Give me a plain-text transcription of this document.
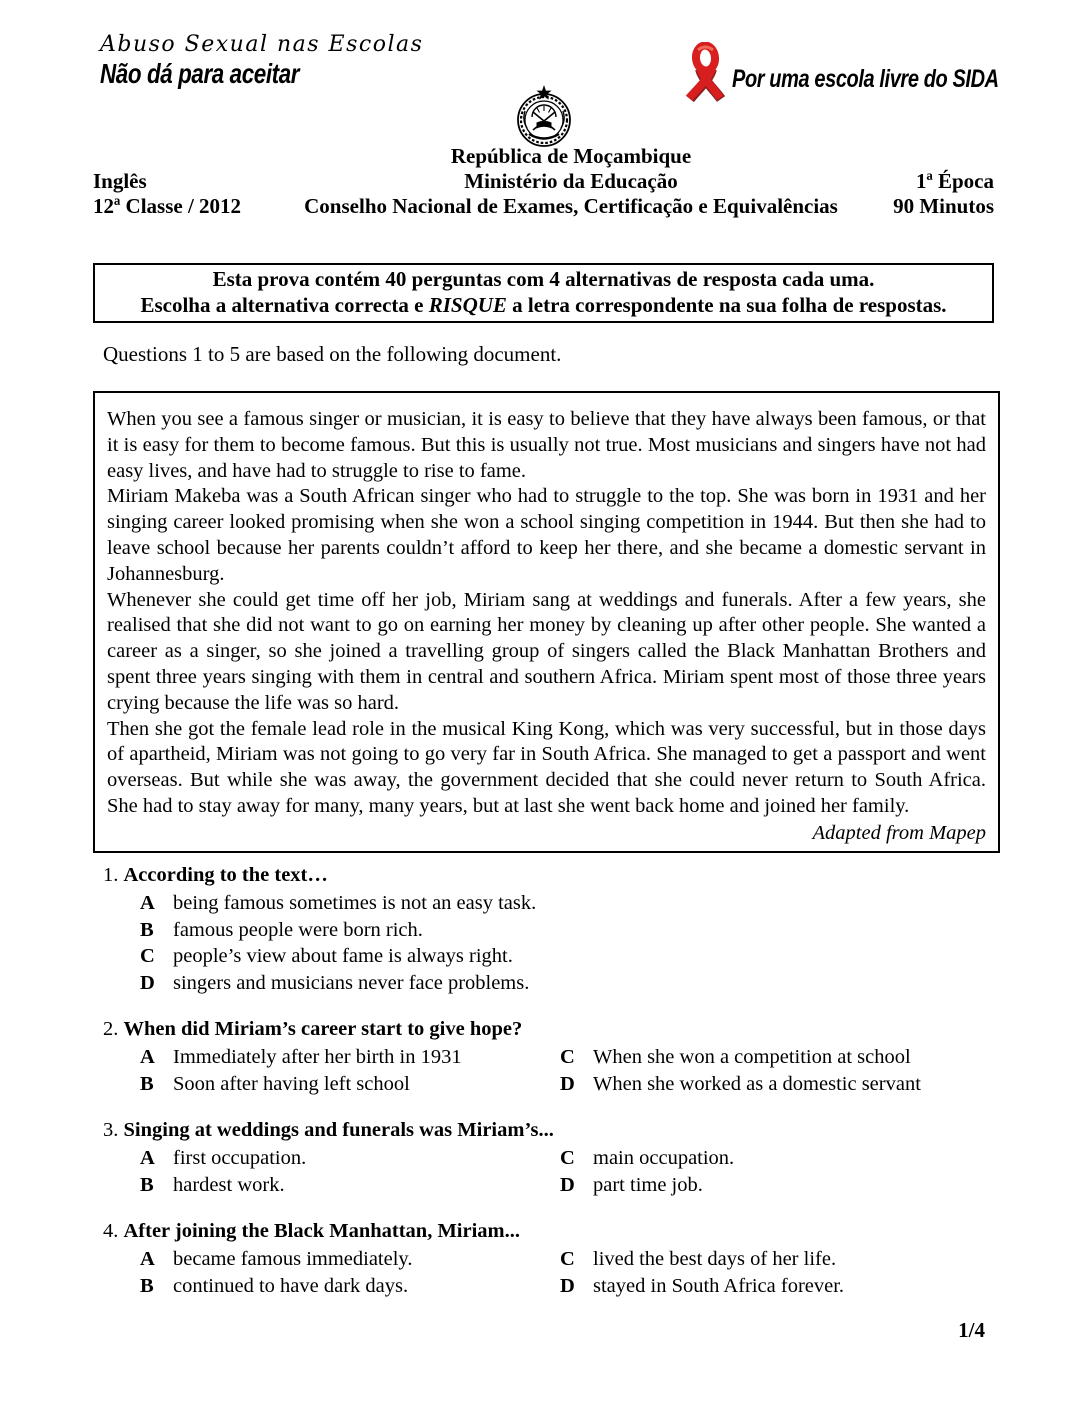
Abuso Sexual nas Escolas
Não dá para aceitar	Por uma escola livre do SIDA
República de Moçambique
Inglês	Ministério da Educação	1ª Época
12ª Classe / 2012	Conselho Nacional de Exames, Certificação e Equivalências	90 Minutos
Esta prova contém 40 perguntas com 4 alternativas de resposta cada uma.
Escolha a alternativa correcta e RISQUE a letra correspondente na sua folha de respostas.

Questions 1 to 5 are based on the following document.

When you see a famous singer or musician, it is easy to believe that they have always been famous, or that it is easy for them to become famous. But this is usually not true. Most musicians and singers have not had easy lives, and have had to struggle to rise to fame.

Miriam Makeba was a South African singer who had to struggle to the top. She was born in 1931 and her singing career looked promising when she won a school singing competition in 1944. But then she had to leave school because her parents couldn’t afford to keep her there, and she became a domestic servant in Johannesburg.

Whenever she could get time off her job, Miriam sang at weddings and funerals. After a few years, she realised that she did not want to go on earning her money by cleaning up after other people. She wanted a career as a singer, so she joined a travelling group of singers called the Black Manhattan Brothers and spent three years singing with them in central and southern Africa. Miriam spent most of those three years crying because the life was so hard.

Then she got the female lead role in the musical King Kong, which was very successful, but in those days of apartheid, Miriam was not going to go very far in South Africa. She managed to get a passport and went overseas. But while she was away, the government decided that she could never return to South Africa. She had to stay away for many, many years, but at last she went back home and joined her family.

Adapted from Mapep
1. According to the text…
A being famous sometimes is not an easy task.
B famous people were born rich.
C people’s view about fame is always right.
D singers and musicians never face problems.
2. When did Miriam’s career start to give hope?
A Immediately after her birth in 1931	C When she won a competition at school
B Soon after having left school	D When she worked as a domestic servant
3. Singing at weddings and funerals was Miriam’s...
A first occupation.	C main occupation.
B hardest work.	D part time job.
4. After joining the Black Manhattan, Miriam...
A became famous immediately.	C lived the best days of her life.
B continued to have dark days.	D stayed in South Africa forever.
1/4
